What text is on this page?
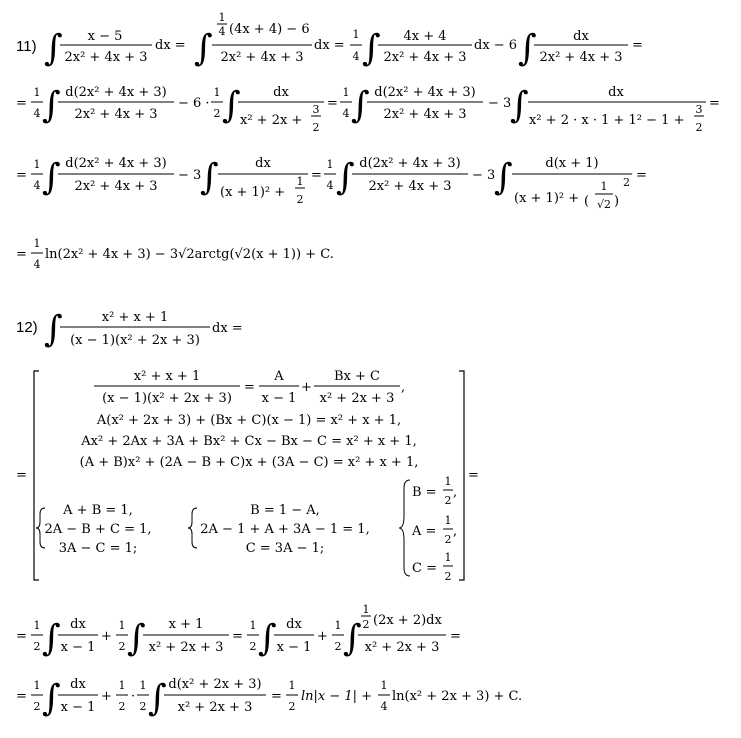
11) ∫ x − 5
2x² + 4x + 3
dx = ∫
1
4 (4x + 4) − 6
2x² + 4x + 3
dx =
1
4 ∫ 4x + 4
2x² + 4x + 3
dx − 6 ∫	dx
2x² + 4x + 3
=
=
1
4 ∫ d(2x² + 4x + 3)
2x² + 4x + 3
− 6 ·
1
2 ∫ dx
x² + 2x +
3
2
=
1
4 ∫ d(2x² + 4x + 3)
2x² + 4x + 3
− 3
∫	dx
x² + 2 · x · 1 + 1² − 1 +
3
2
=
=
1
4 ∫ d(2x² + 4x + 3)
2x² + 4x + 3
− 3
∫	dx
(x + 1)² +
1
2
=
1
4 ∫ d(2x² + 4x + 3)
2x² + 4x + 3
− 3
∫	d(x + 1)
(x + 1)² + (
1
√2 )
2 =
=
1
4
ln(2x² + 4x + 3) − 3√2arctg(√2(x + 1)) + C.
12) ∫	x² + x + 1
(x − 1)(x² + 2x + 3)
dx =
=
x² + x + 1
(x − 1)(x² + 2x + 3)
=
A
x − 1
+
Bx + C
x² + 2x + 3
,
A(x² + 2x + 3) + (Bx + C)(x − 1) = x² + x + 1,
Ax² + 2Ax + 3A + Bx² + Cx − Bx − C = x² + x + 1,
(A + B)x² + (2A − B + C)x + (3A − C) = x² + x + 1,
A + B = 1,
2A − B + C = 1,
3A − C = 1;
B = 1 − A,
2A − 1 + A + 3A − 1 = 1,
C = 3A − 1;
B =
1
2
,
A =
1
2
,
C =
1
2
=
=
1
2 ∫ dx
x − 1
+
1
2 ∫ x + 1
x² + 2x + 3
=
1
2 ∫ dx
x − 1
+
1
2 ∫
1
2 (2x + 2)dx
x² + 2x + 3
=
=
1
2 ∫ dx
x − 1
+
1
2
·
1
2 ∫ d(x² + 2x + 3)
x² + 2x + 3
=
1
2
ln|x − 1| +
1
4
ln(x² + 2x + 3) + C.
